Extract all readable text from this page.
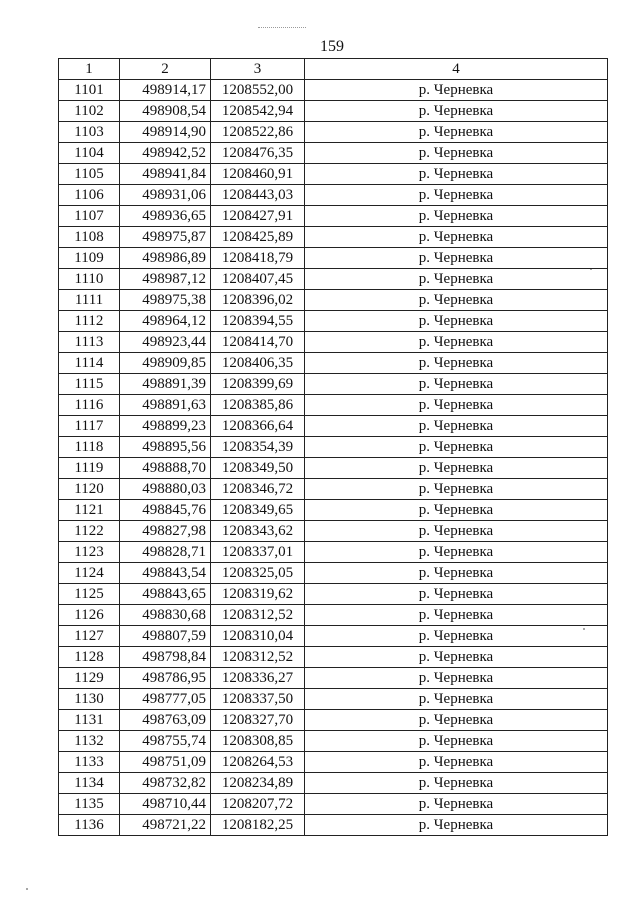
159
1	2	3	4
1101	498914,17	1208552,00	р. Черневка
1102	498908,54	1208542,94	р. Черневка
1103	498914,90	1208522,86	р. Черневка
1104	498942,52	1208476,35	р. Черневка
1105	498941,84	1208460,91	р. Черневка
1106	498931,06	1208443,03	р. Черневка
1107	498936,65	1208427,91	р. Черневка
1108	498975,87	1208425,89	р. Черневка
1109	498986,89	1208418,79	р. Черневка
1110	498987,12	1208407,45	р. Черневка
1111	498975,38	1208396,02	р. Черневка
1112	498964,12	1208394,55	р. Черневка
1113	498923,44	1208414,70	р. Черневка
1114	498909,85	1208406,35	р. Черневка
1115	498891,39	1208399,69	р. Черневка
1116	498891,63	1208385,86	р. Черневка
1117	498899,23	1208366,64	р. Черневка
1118	498895,56	1208354,39	р. Черневка
1119	498888,70	1208349,50	р. Черневка
1120	498880,03	1208346,72	р. Черневка
1121	498845,76	1208349,65	р. Черневка
1122	498827,98	1208343,62	р. Черневка
1123	498828,71	1208337,01	р. Черневка
1124	498843,54	1208325,05	р. Черневка
1125	498843,65	1208319,62	р. Черневка
1126	498830,68	1208312,52	р. Черневка
1127	498807,59	1208310,04	р. Черневка
1128	498798,84	1208312,52	р. Черневка
1129	498786,95	1208336,27	р. Черневка
1130	498777,05	1208337,50	р. Черневка
1131	498763,09	1208327,70	р. Черневка
1132	498755,74	1208308,85	р. Черневка
1133	498751,09	1208264,53	р. Черневка
1134	498732,82	1208234,89	р. Черневка
1135	498710,44	1208207,72	р. Черневка
1136	498721,22	1208182,25	р. Черневка
